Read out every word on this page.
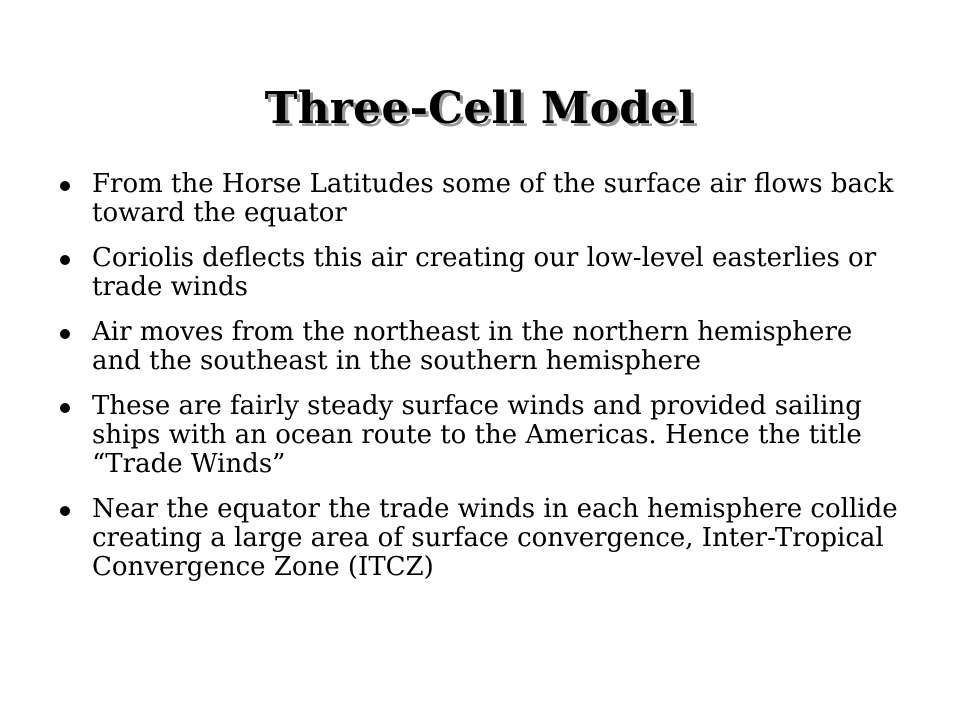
Three-Cell Model
From the Horse Latitudes some of the surface air flows back toward the equator
Coriolis deflects this air creating our low-level easterlies or trade winds
Air moves from the northeast in the northern hemisphere and the southeast in the southern hemisphere
These are fairly steady surface winds and provided sailing ships with an ocean route to the Americas. Hence the title “Trade Winds”
Near the equator the trade winds in each hemisphere collide creating a large area of surface convergence, Inter-Tropical Convergence Zone (ITCZ)
